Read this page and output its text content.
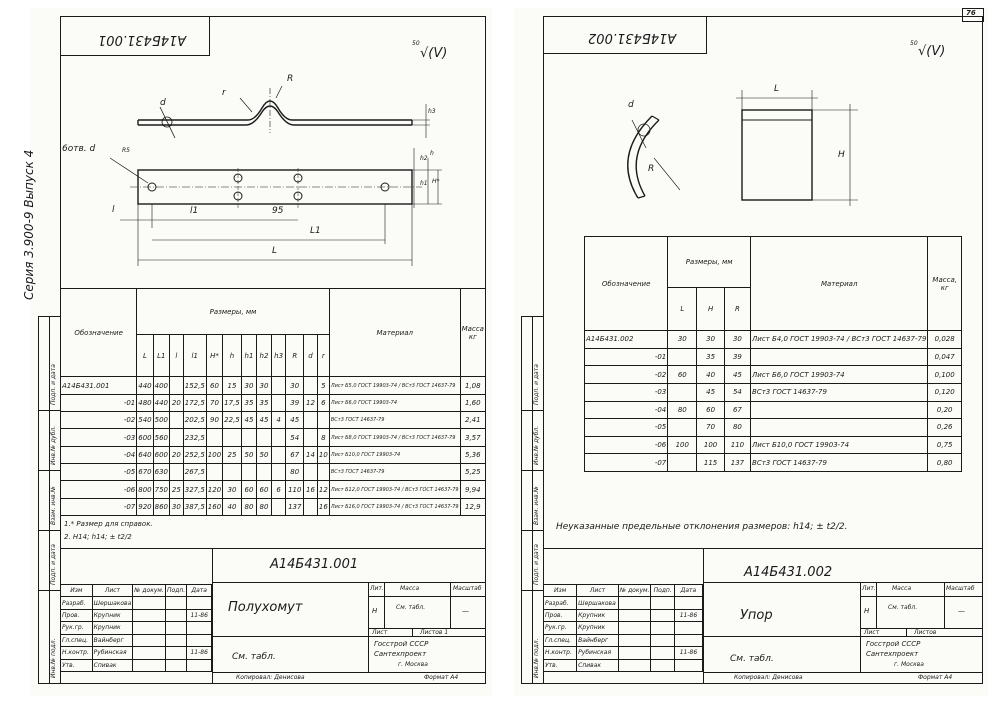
Серия 3.900-9 Выпуск 4
Подп. и дата
Инв.№ дубл.
Взам. инв.№
Подп. и дата
Инв.№ подл.
А14Б431.001	50
√(V)
6отв. d	R5
d
r
R
h3
h2
h
h1 H*
l	l1	95
L1
L
Обозначение	Размеры, мм												Материал	Масса кг
	L	L1	l	l1	H*	h	h1	h2	h3	R	d	r		
А14Б431.001	440	400		152,5	60	15	30	30		30		5	Лист Б5,0 ГОСТ 19903-74 / ВСт3 ГОСТ 14637-79	1,08
-01	480	440	20	172,5	70	17,5	35	35		39	12	6	Лист Б6,0 ГОСТ 19903-74	1,60
-02	540	500		202,5	90	22,5	45	45	4	45			ВСт3 ГОСТ 14637-79	2,41
-03	600	560		232,5						54		8	Лист Б8,0 ГОСТ 19903-74 / ВСт3 ГОСТ 14637-79	3,57
-04	640	600	20	252,5	100	25	50	50		67	14	10	Лист Б10,0 ГОСТ 19903-74	5,36
-05	670	630		267,5						80			ВСт3 ГОСТ 14637-79	5,25
-06	800	750	25	327,5	120	30	60	60	6	110	16	12	Лист Б12,0 ГОСТ 19903-74 / ВСт3 ГОСТ 14637-79	9,94
-07	920	860	30	387,5	160	40	80	80		137		16	Лист Б16,0 ГОСТ 19903-74 / ВСт3 ГОСТ 14637-79	12,9
1.* Размер для справок.
2. Н14; h14; ± t2/2
А14Б431.001
Полухомут
См. табл.
Лит.	Масса	Масштаб
Н	См. табл.	—
Лист	Листов 1
Госстрой СССР
Сантехпроект
г. Москва
Копировал: Денисова	Формат А4
Изм	Лист	№ докум.	Подп.	Дата
Разраб.	Шершакова			
Пров.	Крупник			11-86
Рук.гр.	Крупник			
Гл.спец.	Вайнберг			
Н.контр.	Рубинская			11-86
Утв.	Спивак			
Подп. и дата
Инв.№ дубл.
Взам. инв.№
Подп. и дата
Инв.№ подл.
76
А14Б431.002	50
√(V)
d
R
L
H
Обозначение	Размеры, мм			Материал	Масса, кг
	L	H	R		
А14Б431.002	30	30	30	Лист Б4,0 ГОСТ 19903-74 / ВСт3 ГОСТ 14637-79	0,028
-01		35	39		0,047
-02	60	40	45	Лист Б6,0 ГОСТ 19903-74	0,100
-03		45	54	ВСт3 ГОСТ 14637-79	0,120
-04	80	60	67		0,20
-05		70	80		0,26
-06	100	100	110	Лист Б10,0 ГОСТ 19903-74	0,75
-07		115	137	ВСт3 ГОСТ 14637-79	0,80
Неуказанные предельные отклонения размеров: h14; ± t2/2.
А14Б431.002
Упор
См. табл.
Лит.	Масса	Масштаб
Н	См. табл.	—
Лист	Листов
Госстрой СССР
Сантехпроект
г. Москва
Копировал: Денисова	Формат А4
Изм	Лист	№ докум.	Подп.	Дата
Разраб.	Шершакова			
Пров.	Крупник			11-86
Рук.гр.	Крупник			
Гл.спец.	Вайнберг			
Н.контр.	Рубинская			11-86
Утв.	Спивак			
